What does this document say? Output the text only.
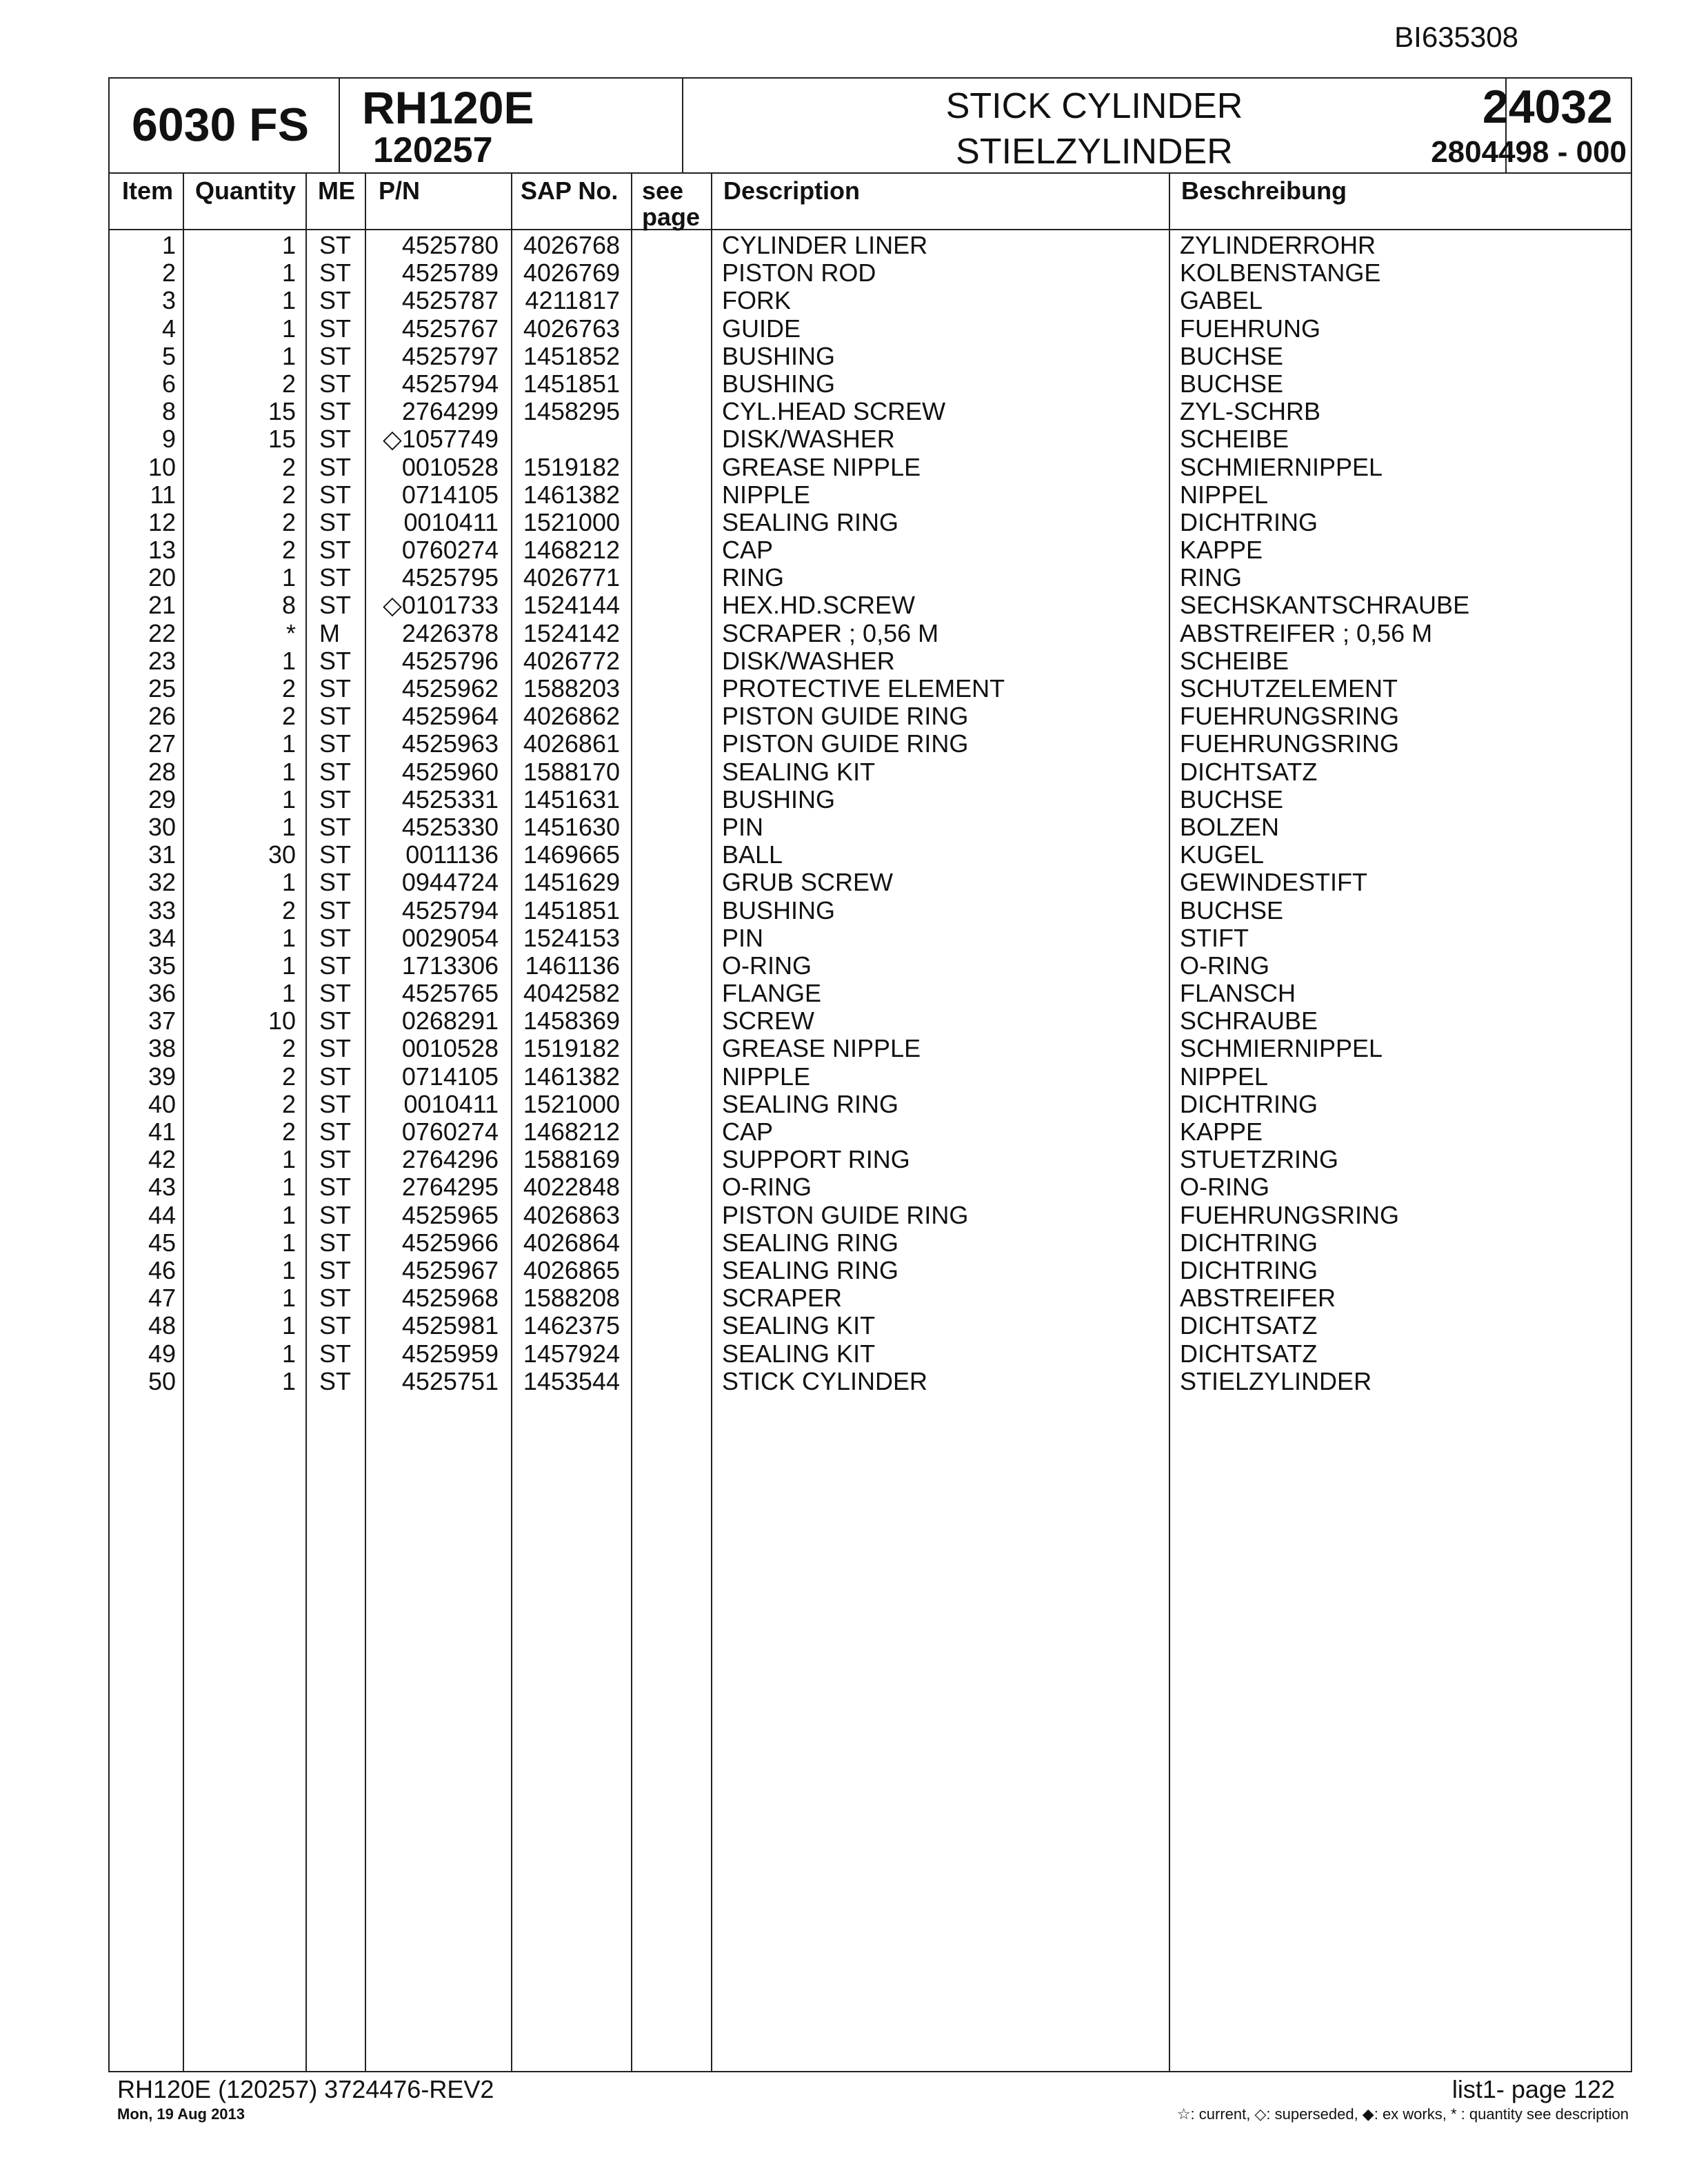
BI635308
6030 FS RH120E
120257
STICK CYLINDER
STIELZYLINDER
24032
2804498 - 000
Item Quantity ME P/N	SAP No. see
page
Description	Beschreibung
1	1 ST 4525780 4026768	CYLINDER LINER	ZYLINDERROHR
2	1 ST 4525789 4026769	PISTON ROD	KOLBENSTANGE
3	1 ST 4525787 4211817	FORK	GABEL
4	1 ST 4525767 4026763	GUIDE	FUEHRUNG
5	1 ST 4525797 1451852	BUSHING	BUCHSE
6	2 ST 4525794 1451851	BUSHING	BUCHSE
8	15 ST 2764299 1458295	CYL.HEAD SCREW	ZYL-SCHRB
9	15 ST ◇1057749	DISK/WASHER	SCHEIBE
10	2 ST 0010528 1519182	GREASE NIPPLE	SCHMIERNIPPEL
11	2 ST 0714105 1461382	NIPPLE	NIPPEL
12	2 ST 0010411 1521000	SEALING RING	DICHTRING
13	2 ST 0760274 1468212	CAP	KAPPE
20	1 ST 4525795 4026771	RING	RING
21	8 ST ◇0101733 1524144	HEX.HD.SCREW	SECHSKANTSCHRAUBE
22	* M 2426378 1524142	SCRAPER ; 0,56 M	ABSTREIFER ; 0,56 M
23	1 ST 4525796 4026772	DISK/WASHER	SCHEIBE
25	2 ST 4525962 1588203	PROTECTIVE ELEMENT	SCHUTZELEMENT
26	2 ST 4525964 4026862	PISTON GUIDE RING	FUEHRUNGSRING
27	1 ST 4525963 4026861	PISTON GUIDE RING	FUEHRUNGSRING
28	1 ST 4525960 1588170	SEALING KIT	DICHTSATZ
29	1 ST 4525331 1451631	BUSHING	BUCHSE
30	1 ST 4525330 1451630	PIN	BOLZEN
31	30 ST 0011136 1469665	BALL	KUGEL
32	1 ST 0944724 1451629	GRUB SCREW	GEWINDESTIFT
33	2 ST 4525794 1451851	BUSHING	BUCHSE
34	1 ST 0029054 1524153	PIN	STIFT
35	1 ST 1713306 1461136	O-RING	O-RING
36	1 ST 4525765 4042582	FLANGE	FLANSCH
37	10 ST 0268291 1458369	SCREW	SCHRAUBE
38	2 ST 0010528 1519182	GREASE NIPPLE	SCHMIERNIPPEL
39	2 ST 0714105 1461382	NIPPLE	NIPPEL
40	2 ST 0010411 1521000	SEALING RING	DICHTRING
41	2 ST 0760274 1468212	CAP	KAPPE
42	1 ST 2764296 1588169	SUPPORT RING	STUETZRING
43	1 ST 2764295 4022848	O-RING	O-RING
44	1 ST 4525965 4026863	PISTON GUIDE RING	FUEHRUNGSRING
45	1 ST 4525966 4026864	SEALING RING	DICHTRING
46	1 ST 4525967 4026865	SEALING RING	DICHTRING
47	1 ST 4525968 1588208	SCRAPER	ABSTREIFER
48	1 ST 4525981 1462375	SEALING KIT	DICHTSATZ
49	1 ST 4525959 1457924	SEALING KIT	DICHTSATZ
50	1 ST 4525751 1453544	STICK CYLINDER	STIELZYLINDER
RH120E (120257) 3724476-REV2
Mon, 19 Aug 2013
list1- page 122
☆: current, ◇: superseded, ◆: ex works, * : quantity see description
